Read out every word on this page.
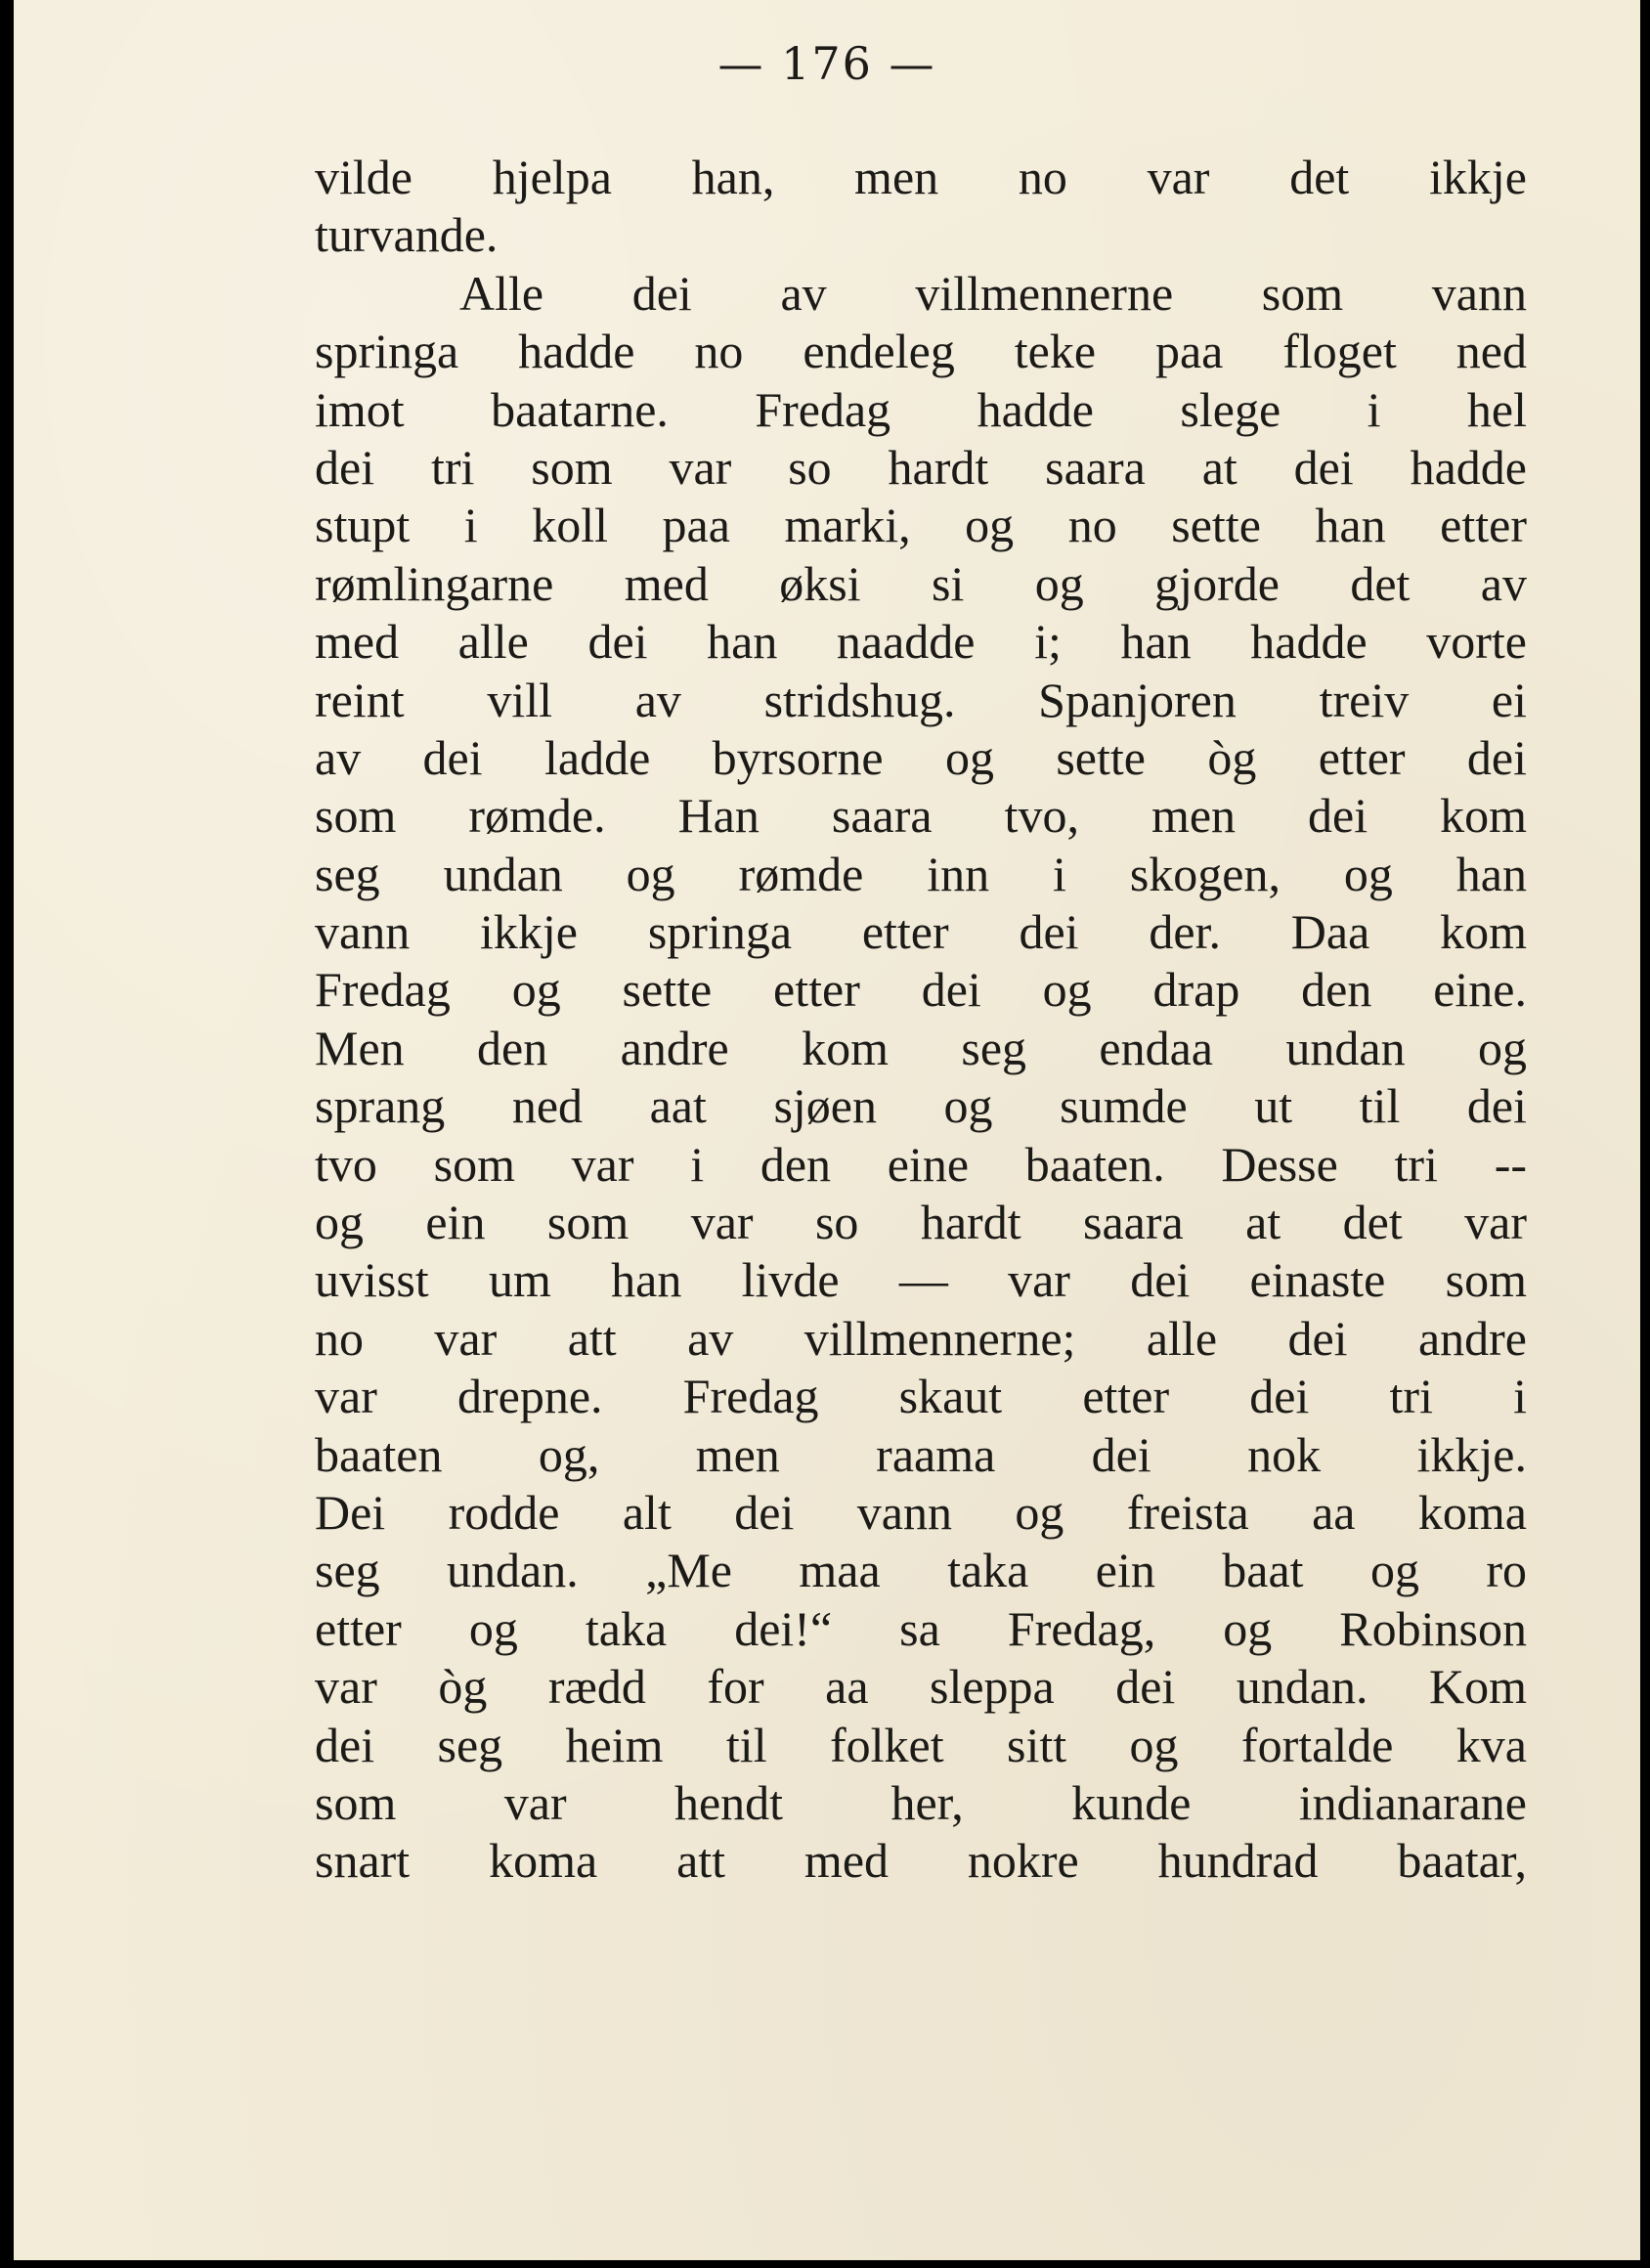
— 176 —
vilde hjelpa han, men no var det ikkje
turvande.
Alle dei av villmennerne som vann
springa hadde no endeleg teke paa floget ned
imot baatarne. Fredag hadde slege i hel
dei tri som var so hardt saara at dei hadde
stupt i koll paa marki, og no sette han etter
rømlingarne med øksi si og gjorde det av
med alle dei han naadde i; han hadde vorte
reint vill av stridshug. Spanjoren treiv ei
av dei ladde byrsorne og sette òg etter dei
som rømde. Han saara tvo, men dei kom
seg undan og rømde inn i skogen, og han
vann ikkje springa etter dei der. Daa kom
Fredag og sette etter dei og drap den eine.
Men den andre kom seg endaa undan og
sprang ned aat sjøen og sumde ut til dei
tvo som var i den eine baaten. Desse tri --
og ein som var so hardt saara at det var
uvisst um han livde — var dei einaste som
no var att av villmennerne; alle dei andre
var drepne. Fredag skaut etter dei tri i
baaten og, men raama dei nok ikkje.
Dei rodde alt dei vann og freista aa koma
seg undan. „Me maa taka ein baat og ro
etter og taka dei!“ sa Fredag, og Robinson
var òg rædd for aa sleppa dei undan. Kom
dei seg heim til folket sitt og fortalde kva
som var hendt her, kunde indianarane
snart koma att med nokre hundrad baatar,
